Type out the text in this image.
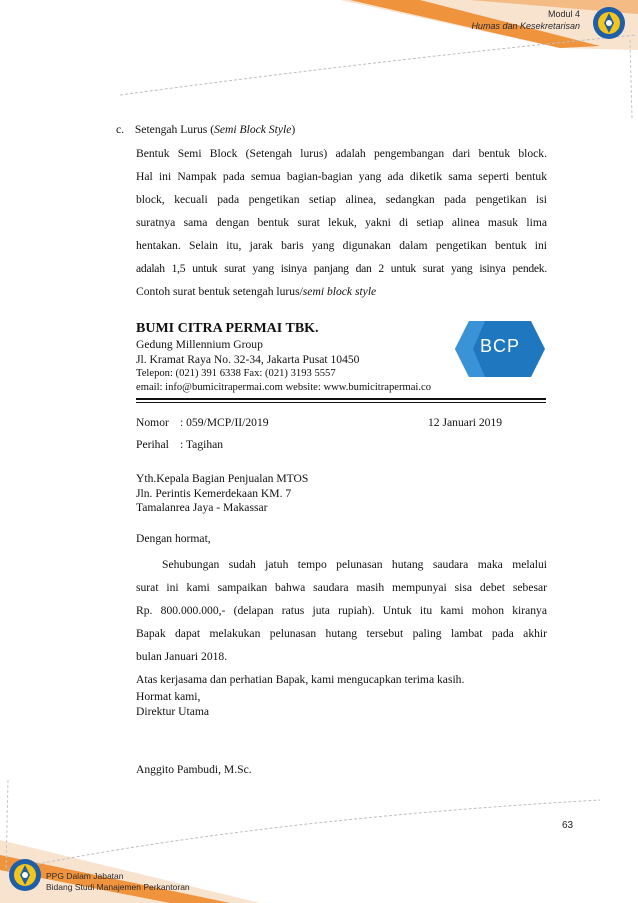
Modul 4
Humas dan Kesekretarisan
PPG Dalam Jabatan
Bidang Studi Manajemen Perkantoran
63
c. Setengah Lurus (Semi Block Style)

Bentuk Semi Block (Setengah lurus) adalah pengembangan dari bentuk block.

Hal ini Nampak pada semua bagian-bagian yang ada diketik sama seperti bentuk

block, kecuali pada pengetikan setiap alinea, sedangkan pada pengetikan isi

suratnya sama dengan bentuk surat lekuk, yakni di setiap alinea masuk lima

hentakan. Selain itu, jarak baris yang digunakan dalam pengetikan bentuk ini

adalah 1,5 untuk surat yang isinya panjang dan 2 untuk surat yang isinya pendek.

Contoh surat bentuk setengah lurus/semi block style

BUMI CITRA PERMAI TBK.
Gedung Millennium Group
Jl. Kramat Raya No. 32-34, Jakarta Pusat 10450
Telepon: (021) 391 6338 Fax: (021) 3193 5557
email: info@bumicitrapermai.com website: www.bumicitrapermai.co
BCP
Nomor : 059/MCP/II/2019	12 Januari 2019
Perihal : Tagihan
Yth.Kepala Bagian Penjualan MTOS
Jln. Perintis Kemerdekaan KM. 7
Tamalanrea Jaya - Makassar
Dengan hormat,

Sehubungan sudah jatuh tempo pelunasan hutang saudara maka melalui

surat ini kami sampaikan bahwa saudara masih mempunyai sisa debet sebesar

Rp. 800.000.000,- (delapan ratus juta rupiah). Untuk itu kami mohon kiranya

Bapak dapat melakukan pelunasan hutang tersebut paling lambat pada akhir

bulan Januari 2018.

Atas kerjasama dan perhatian Bapak, kami mengucapkan terima kasih.

Hormat kami,
Direktur Utama
Anggito Pambudi, M.Sc.
